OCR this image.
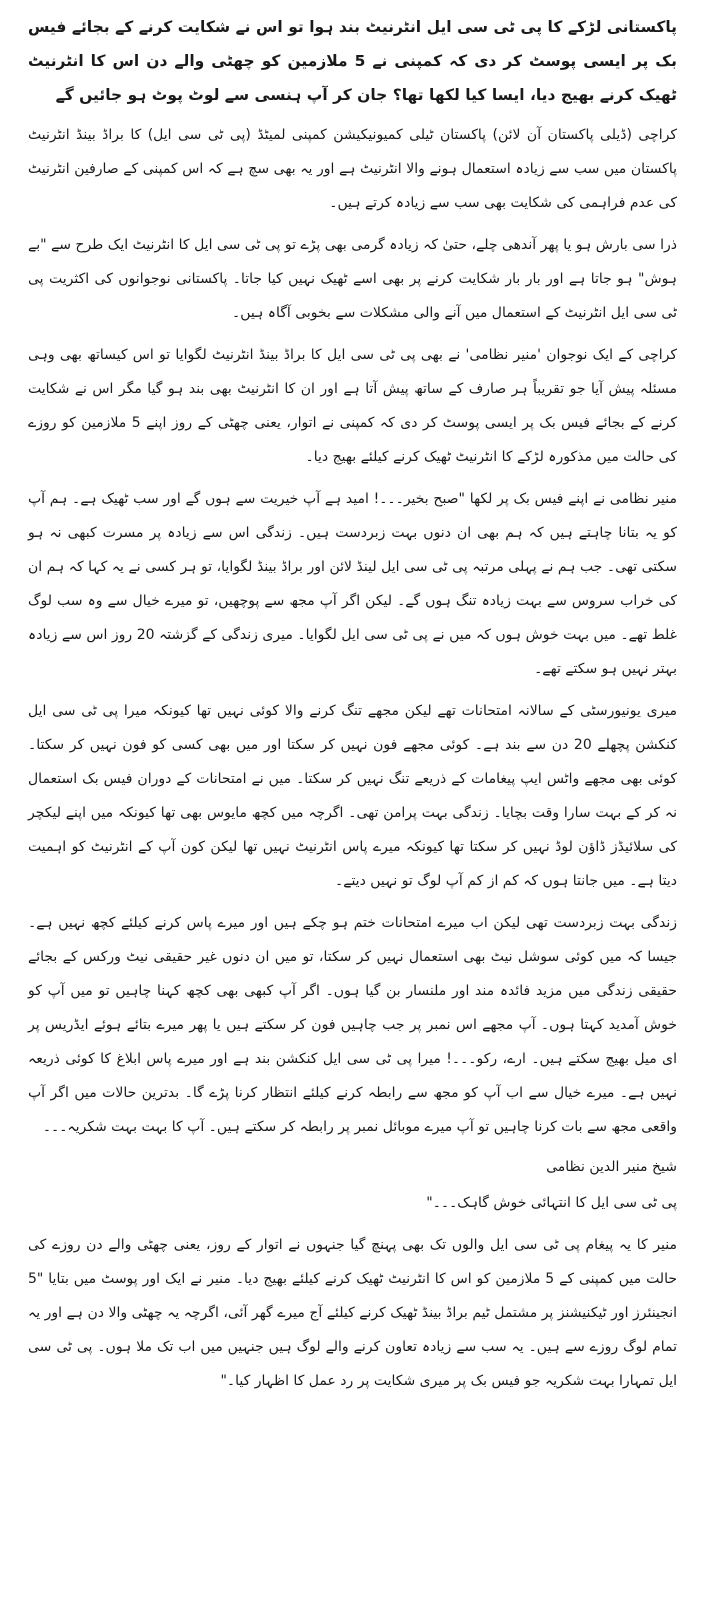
پاکستانی لڑکے کا پی ٹی سی ایل انٹرنیٹ بند ہوا تو اس نے شکایت کرنے کے بجائے فیس بک پر ایسی پوسٹ کر دی کہ کمپنی نے 5 ملازمین کو چھٹی والے دن اس کا انٹرنیٹ ٹھیک کرنے بھیج دیا، ایسا کیا لکھا تھا؟ جان کر آپ ہنسی سے لوٹ پوٹ ہو جائیں گے

کراچی (ڈیلی پاکستان آن لائن) پاکستان ٹیلی کمیونیکیشن کمپنی لمیٹڈ (پی ٹی سی ایل) کا براڈ بینڈ انٹرنیٹ پاکستان میں سب سے زیادہ استعمال ہونے والا انٹرنیٹ ہے اور یہ بھی سچ ہے کہ اس کمپنی کے صارفین انٹرنیٹ کی عدم فراہمی کی شکایت بھی سب سے زیادہ کرتے ہیں۔

ذرا سی بارش ہو یا پھر آندھی چلے، حتیٰ کہ زیادہ گرمی بھی پڑے تو پی ٹی سی ایل کا انٹرنیٹ ایک طرح سے "بے ہوش" ہو جاتا ہے اور بار بار شکایت کرنے پر بھی اسے ٹھیک نہیں کیا جاتا۔ پاکستانی نوجوانوں کی اکثریت پی ٹی سی ایل انٹرنیٹ کے استعمال میں آنے والی مشکلات سے بخوبی آگاہ ہیں۔

کراچی کے ایک نوجوان 'منیر نظامی' نے بھی پی ٹی سی ایل کا براڈ بینڈ انٹرنیٹ لگوایا تو اس کیساتھ بھی وہی مسئلہ پیش آیا جو تقریباً ہر صارف کے ساتھ پیش آتا ہے اور ان کا انٹرنیٹ بھی بند ہو گیا مگر اس نے شکایت کرنے کے بجائے فیس بک پر ایسی پوسٹ کر دی کہ کمپنی نے اتوار، یعنی چھٹی کے روز اپنے 5 ملازمین کو روزے کی حالت میں مذکورہ لڑکے کا انٹرنیٹ ٹھیک کرنے کیلئے بھیج دیا۔

منیر نظامی نے اپنے فیس بک پر لکھا "صبح بخیر۔۔۔! امید ہے آپ خیریت سے ہوں گے اور سب ٹھیک ہے۔ ہم آپ کو یہ بتانا چاہتے ہیں کہ ہم بھی ان دنوں بہت زبردست ہیں۔ زندگی اس سے زیادہ پر مسرت کبھی نہ ہو سکتی تھی۔ جب ہم نے پہلی مرتبہ پی ٹی سی ایل لینڈ لائن اور براڈ بینڈ لگوایا، تو ہر کسی نے یہ کہا کہ ہم ان کی خراب سروس سے بہت زیادہ تنگ ہوں گے۔ لیکن اگر آپ مجھ سے پوچھیں، تو میرے خیال سے وہ سب لوگ غلط تھے۔ میں بہت خوش ہوں کہ میں نے پی ٹی سی ایل لگوایا۔ میری زندگی کے گزشتہ 20 روز اس سے زیادہ بہتر نہیں ہو سکتے تھے۔

میری یونیورسٹی کے سالانہ امتحانات تھے لیکن مجھے تنگ کرنے والا کوئی نہیں تھا کیونکہ میرا پی ٹی سی ایل کنکشن پچھلے 20 دن سے بند ہے۔ کوئی مجھے فون نہیں کر سکتا اور میں بھی کسی کو فون نہیں کر سکتا۔ کوئی بھی مجھے واٹس ایپ پیغامات کے ذریعے تنگ نہیں کر سکتا۔ میں نے امتحانات کے دوران فیس بک استعمال نہ کر کے بہت سارا وقت بچایا۔ زندگی بہت پرامن تھی۔ اگرچہ میں کچھ مایوس بھی تھا کیونکہ میں اپنے لیکچر کی سلائیڈز ڈاؤن لوڈ نہیں کر سکتا تھا کیونکہ میرے پاس انٹرنیٹ نہیں تھا لیکن کون آپ کے انٹرنیٹ کو اہمیت دیتا ہے۔ میں جانتا ہوں کہ کم از کم آپ لوگ تو نہیں دیتے۔

زندگی بہت زبردست تھی لیکن اب میرے امتحانات ختم ہو چکے ہیں اور میرے پاس کرنے کیلئے کچھ نہیں ہے۔ جیسا کہ میں کوئی سوشل نیٹ بھی استعمال نہیں کر سکتا، تو میں ان دنوں غیر حقیقی نیٹ ورکس کے بجائے حقیقی زندگی میں مزید فائدہ مند اور ملنسار بن گیا ہوں۔ اگر آپ کبھی بھی کچھ کہنا چاہیں تو میں آپ کو خوش آمدید کہتا ہوں۔ آپ مجھے اس نمبر پر جب چاہیں فون کر سکتے ہیں یا پھر میرے بتائے ہوئے ایڈریس پر ای میل بھیج سکتے ہیں۔ ارے، رکو۔۔۔! میرا پی ٹی سی ایل کنکشن بند ہے اور میرے پاس ابلاغ کا کوئی ذریعہ نہیں ہے۔ میرے خیال سے اب آپ کو مجھ سے رابطہ کرنے کیلئے انتظار کرنا پڑے گا۔ بدترین حالات میں اگر آپ واقعی مجھ سے بات کرنا چاہیں تو آپ میرے موبائل نمبر پر رابطہ کر سکتے ہیں۔ آپ کا بہت بہت شکریہ۔۔۔

شیخ منیر الدین نظامی

پی ٹی سی ایل کا انتہائی خوش گاہک۔۔۔"

منیر کا یہ پیغام پی ٹی سی ایل والوں تک بھی پہنچ گیا جنہوں نے اتوار کے روز، یعنی چھٹی والے دن روزے کی حالت میں کمپنی کے 5 ملازمین کو اس کا انٹرنیٹ ٹھیک کرنے کیلئے بھیج دیا۔ منیر نے ایک اور پوسٹ میں بتایا "5 انجینئرز اور ٹیکنیشنز پر مشتمل ٹیم براڈ بینڈ ٹھیک کرنے کیلئے آج میرے گھر آئی، اگرچہ یہ چھٹی والا دن ہے اور یہ تمام لوگ روزے سے ہیں۔ یہ سب سے زیادہ تعاون کرنے والے لوگ ہیں جنہیں میں اب تک ملا ہوں۔ پی ٹی سی ایل تمہارا بہت شکریہ جو فیس بک پر میری شکایت پر رد عمل کا اظہار کیا۔"
